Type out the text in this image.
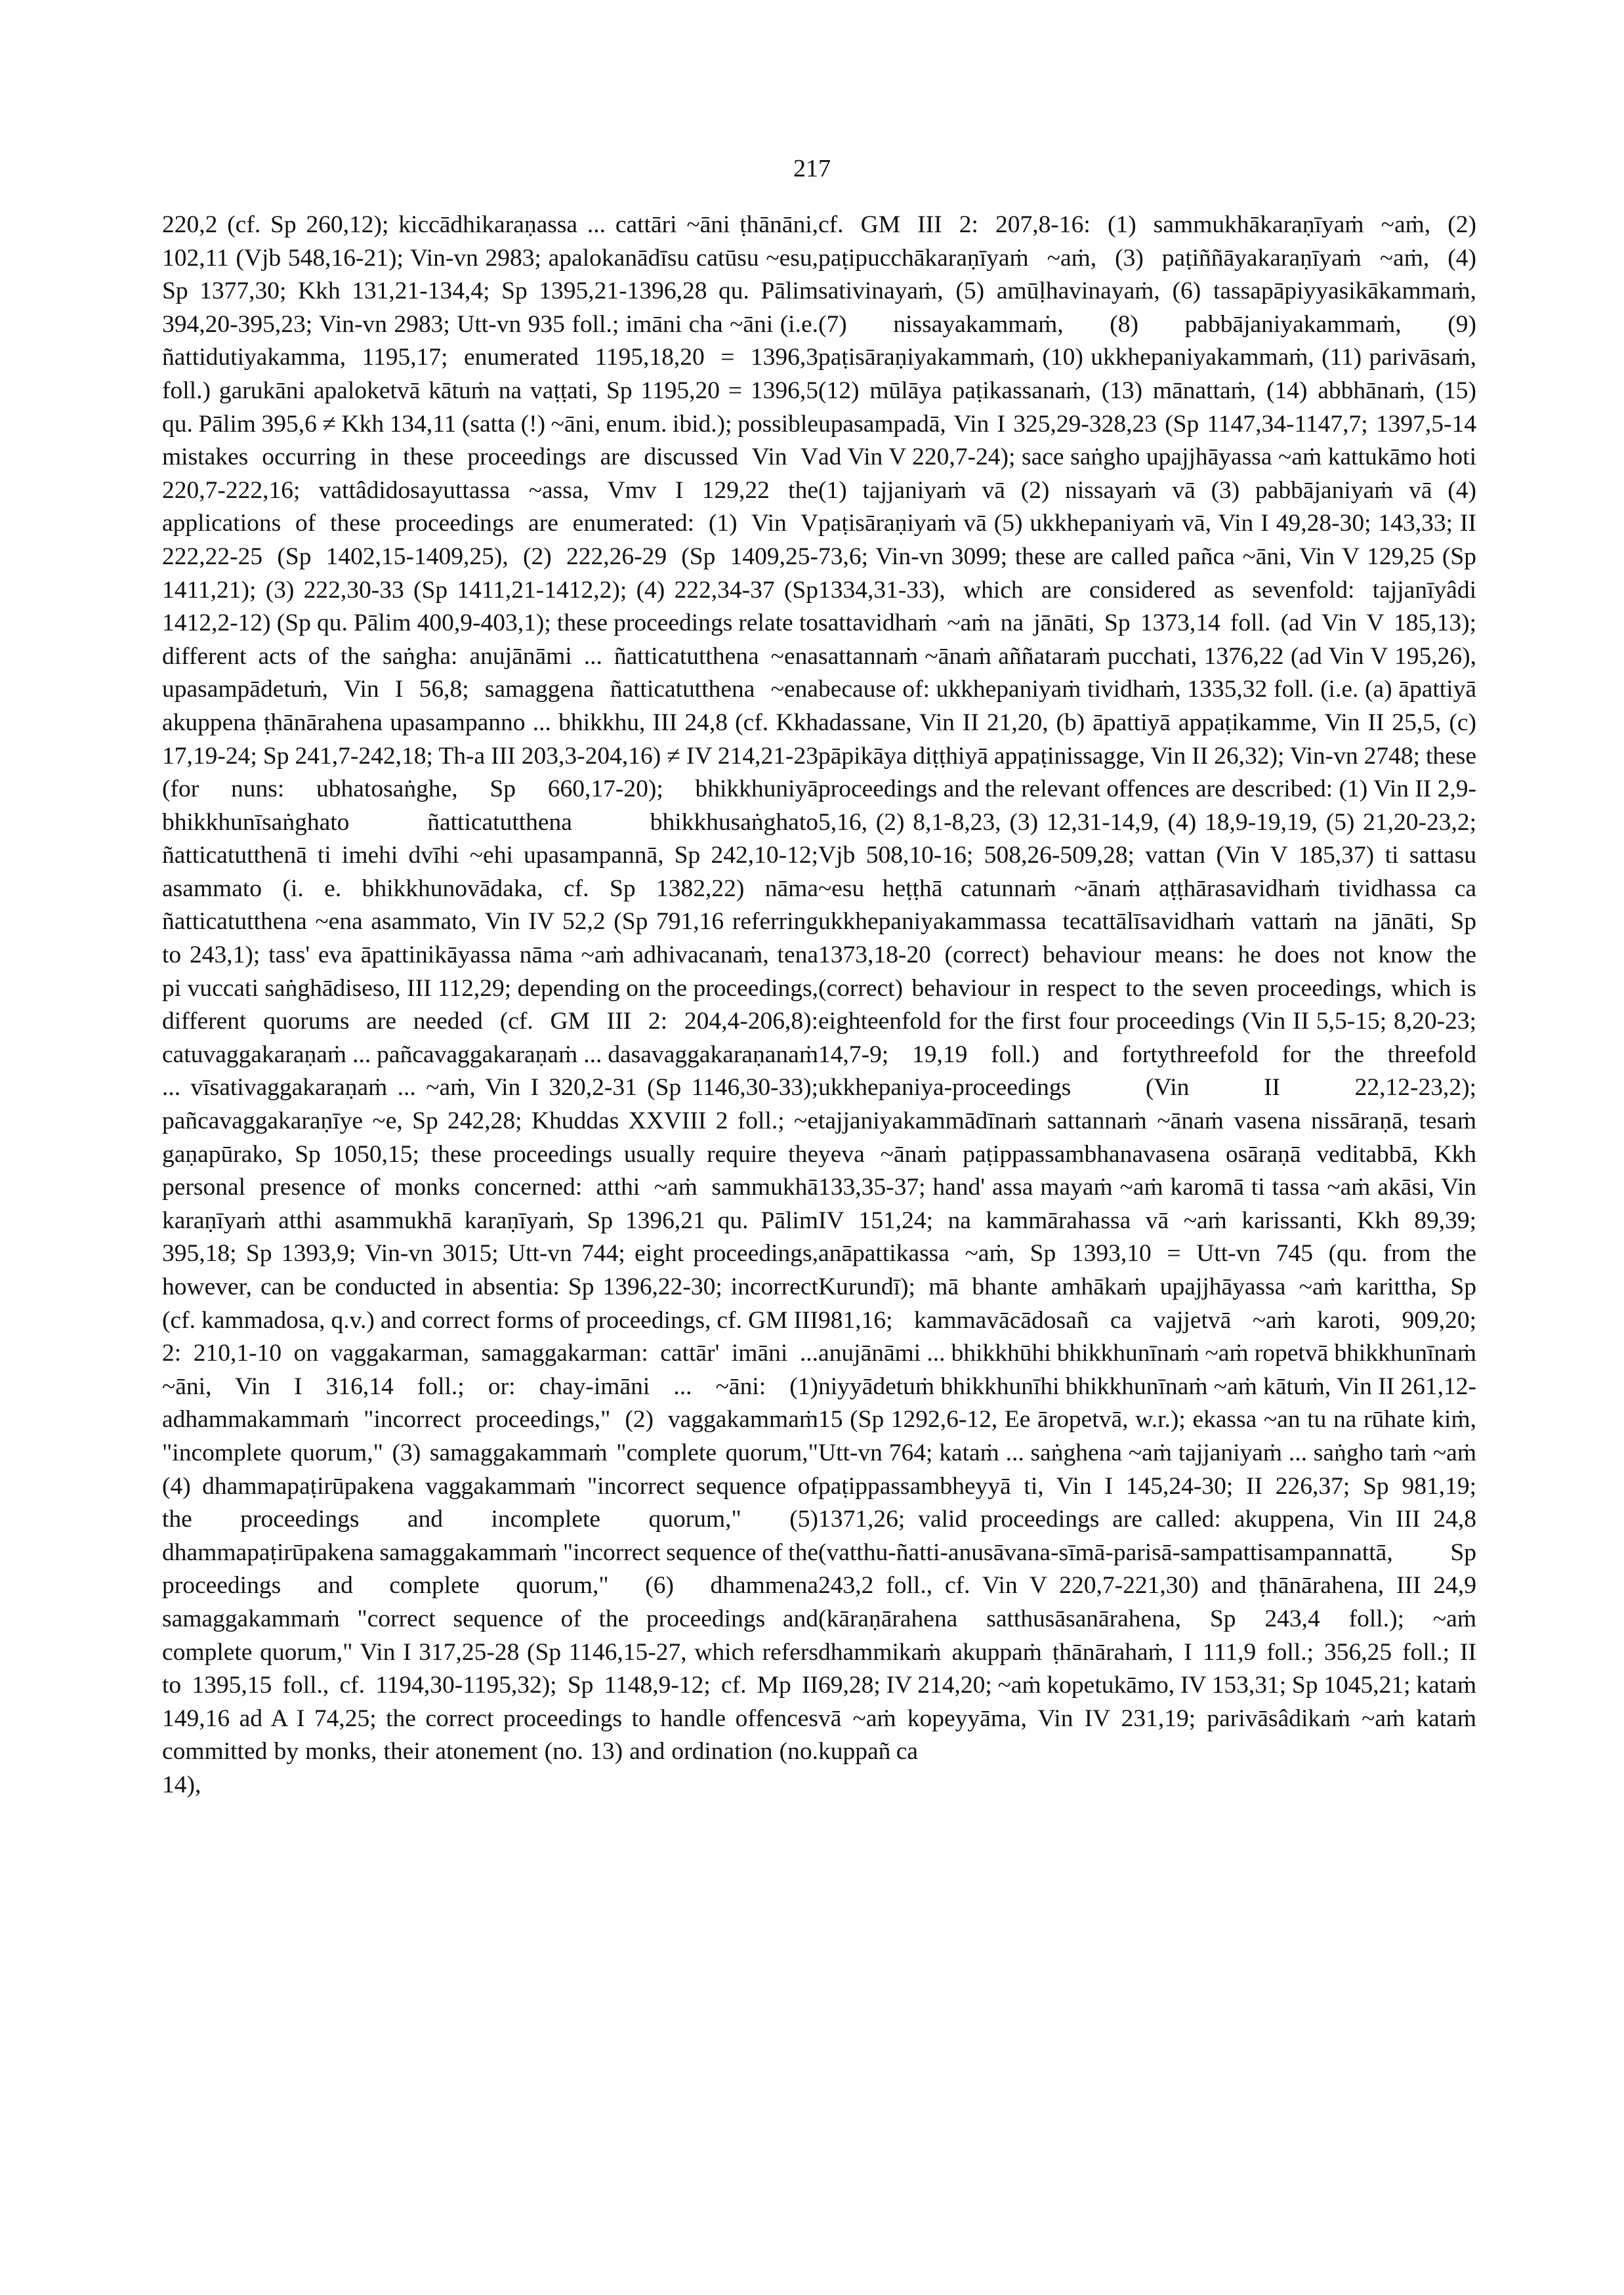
217

220,2 (cf. Sp 260,12); kiccādhikaraṇassa ... cattāri ~āni ṭhānāni, 102,11 (Vjb 548,16-21); Vin-vn 2983; apalokanādīsu catūsu ~esu, Sp 1377,30; Kkh 131,21-134,4; Sp 1395,21-1396,28 qu. Pālim 394,20-395,23; Vin-vn 2983; Utt-vn 935 foll.; imāni cha ~āni (i.e. ñattidutiyakamma, 1195,17; enumerated 1195,18,20 = 1396,3 foll.) garukāni apaloketvā kātuṁ na vaṭṭati, Sp 1195,20 = 1396,5 qu. Pālim 395,6 ≠ Kkh 134,11 (satta (!) ~āni, enum. ibid.); possible mistakes occurring in these proceedings are discussed Vin V 220,7-222,16; vattâdidosayuttassa ~assa, Vmv I 129,22 the applications of these proceedings are enumerated: (1) Vin V 222,22-25 (Sp 1402,15-1409,25), (2) 222,26-29 (Sp 1409,25-1411,21); (3) 222,30-33 (Sp 1411,21-1412,2); (4) 222,34-37 (Sp 1412,2-12) (Sp qu. Pālim 400,9-403,1); these proceedings relate to different acts of the saṅgha: anujānāmi ... ñatticatutthena ~ena upasampādetuṁ, Vin I 56,8; samaggena ñatticatutthena ~ena akuppena ṭhānārahena upasampanno ... bhikkhu, III 24,8 (cf. Kkh 17,19-24; Sp 241,7-242,18; Th-a III 203,3-204,16) ≠ IV 214,21-23 (for nuns: ubhatosaṅghe, Sp 660,17-20); bhikkhuniyā bhikkhunīsaṅghato ñatticatutthena bhikkhusaṅghato ñatticatutthenā ti imehi dvīhi ~ehi upasampannā, Sp 242,10-12; asammato (i. e. bhikkhunovādaka, cf. Sp 1382,22) nāma ñatticatutthena ~ena asammato, Vin IV 52,2 (Sp 791,16 referring to 243,1); tass' eva āpattinikāyassa nāma ~aṁ adhivacanaṁ, tena pi vuccati saṅghādiseso, III 112,29; depending on the proceedings, different quorums are needed (cf. GM III 2: 204,4-206,8): catuvaggakaraṇaṁ ... pañcavaggakaraṇaṁ ... dasavaggakaraṇanaṁ ... vīsativaggakaraṇaṁ ... ~aṁ, Vin I 320,2-31 (Sp 1146,30-33); pañcavaggakaraṇīye ~e, Sp 242,28; Khuddas XXVIII 2 foll.; ~e gaṇapūrako, Sp 1050,15; these proceedings usually require the personal presence of monks concerned: atthi ~aṁ sammukhā karaṇīyaṁ atthi asammukhā karaṇīyaṁ, Sp 1396,21 qu. Pālim 395,18; Sp 1393,9; Vin-vn 3015; Utt-vn 744; eight proceedings, however, can be conducted in absentia: Sp 1396,22-30; incorrect (cf. kammadosa, q.v.) and correct forms of proceedings, cf. GM III 2: 210,1-10 on vaggakarman, samaggakarman: cattār' imāni ... ~āni, Vin I 316,14 foll.; or: chay-imāni ... ~āni: (1) adhammakammaṁ "incorrect proceedings," (2) vaggakammaṁ "incomplete quorum," (3) samaggakammaṁ "complete quorum," (4) dhammapaṭirūpakena vaggakammaṁ "incorrect sequence of the proceedings and incomplete quorum," (5) dhammapaṭirūpakena samaggakammaṁ "incorrect sequence of the proceedings and complete quorum," (6) dhammena samaggakammaṁ "correct sequence of the proceedings and complete quorum," Vin I 317,25-28 (Sp 1146,15-27, which refers to 1395,15 foll., cf. 1194,30-1195,32); Sp 1148,9-12; cf. Mp II 149,16 ad A I 74,25; the correct proceedings to handle offences committed by monks, their atonement (no. 13) and ordination (no. 14),

cf. GM III 2: 207,8-16: (1) sammukhākaraṇīyaṁ ~aṁ, (2) paṭipucchākaraṇīyaṁ ~aṁ, (3) paṭiññāyakaraṇīyaṁ ~aṁ, (4) sativinayaṁ, (5) amūḷhavinayaṁ, (6) tassapāpiyyasikākammaṁ, (7) nissayakammaṁ, (8) pabbājaniyakammaṁ, (9) paṭisāraṇiyakammaṁ, (10) ukkhepaniyakammaṁ, (11) parivāsaṁ, (12) mūlāya paṭikassanaṁ, (13) mānattaṁ, (14) abbhānaṁ, (15) upasampadā, Vin I 325,29-328,23 (Sp 1147,34-1147,7; 1397,5-14 ad Vin V 220,7-24); sace saṅgho upajjhāyassa ~aṁ kattukāmo hoti (1) tajjaniyaṁ vā (2) nissayaṁ vā (3) pabbājaniyaṁ vā (4) paṭisāraṇiyaṁ vā (5) ukkhepaniyaṁ vā, Vin I 49,28-30; 143,33; II 73,6; Vin-vn 3099; these are called pañca ~āni, Vin V 129,25 (Sp 1334,31-33), which are considered as sevenfold: tajjanīyâdi sattavidhaṁ ~aṁ na jānāti, Sp 1373,14 foll. (ad Vin V 185,13); sattannaṁ ~ānaṁ aññataraṁ pucchati, 1376,22 (ad Vin V 195,26), because of: ukkhepaniyaṁ tividhaṁ, 1335,32 foll. (i.e. (a) āpattiyā adassane, Vin II 21,20, (b) āpattiyā appaṭikamme, Vin II 25,5, (c) pāpikāya diṭṭhiyā appaṭinissagge, Vin II 26,32); Vin-vn 2748; these proceedings and the relevant offences are described: (1) Vin II 2,9-5,16, (2) 8,1-8,23, (3) 12,31-14,9, (4) 18,9-19,19, (5) 21,20-23,2; Vjb 508,10-16; 508,26-509,28; vattan (Vin V 185,37) ti sattasu ~esu heṭṭhā catunnaṁ ~ānaṁ aṭṭhārasavidhaṁ tividhassa ca ukkhepaniyakammassa tecattālīsavidhaṁ vattaṁ na jānāti, Sp 1373,18-20 (correct) behaviour means: he does not know the (correct) behaviour in respect to the seven proceedings, which is eighteenfold for the first four proceedings (Vin II 5,5-15; 8,20-23; 14,7-9; 19,19 foll.) and fortythreefold for the threefold ukkhepaniya-proceedings (Vin II 22,12-23,2); tajjaniyakammādīnaṁ sattannaṁ ~ānaṁ vasena nissāraṇā, tesaṁ yeva ~ānaṁ paṭippassambhanavasena osāraṇā veditabbā, Kkh 133,35-37; hand' assa mayaṁ ~aṁ karomā ti tassa ~aṁ akāsi, Vin IV 151,24; na kammārahassa vā ~aṁ karissanti, Kkh 89,39; anāpattikassa ~aṁ, Sp 1393,10 = Utt-vn 745 (qu. from the Kurundī); mā bhante amhākaṁ upajjhāyassa ~aṁ karittha, Sp 981,16; kammavācādosañ ca vajjetvā ~aṁ karoti, 909,20; anujānāmi ... bhikkhūhi bhikkhunīnaṁ ~aṁ ropetvā bhikkhunīnaṁ niyyādetuṁ bhikkhunīhi bhikkhunīnaṁ ~aṁ kātuṁ, Vin II 261,12-15 (Sp 1292,6-12, Ee āropetvā, w.r.); ekassa ~an tu na rūhate kiṁ, Utt-vn 764; kataṁ ... saṅghena ~aṁ tajjaniyaṁ ... saṅgho taṁ ~aṁ paṭippassambheyyā ti, Vin I 145,24-30; II 226,37; Sp 981,19; 1371,26; valid proceedings are called: akuppena, Vin III 24,8 (vatthu-ñatti-anusāvana-sīmā-parisā-sampattisampannattā, Sp 243,2 foll., cf. Vin V 220,7-221,30) and ṭhānārahena, III 24,9 (kāraṇārahena satthusāsanārahena, Sp 243,4 foll.); ~aṁ dhammikaṁ akuppaṁ ṭhānārahaṁ, I 111,9 foll.; 356,25 foll.; II 69,28; IV 214,20; ~aṁ kopetukāmo, IV 153,31; Sp 1045,21; kataṁ vā ~aṁ kopeyyāma, Vin IV 231,19; parivāsâdikaṁ ~aṁ kataṁ kuppañ ca
